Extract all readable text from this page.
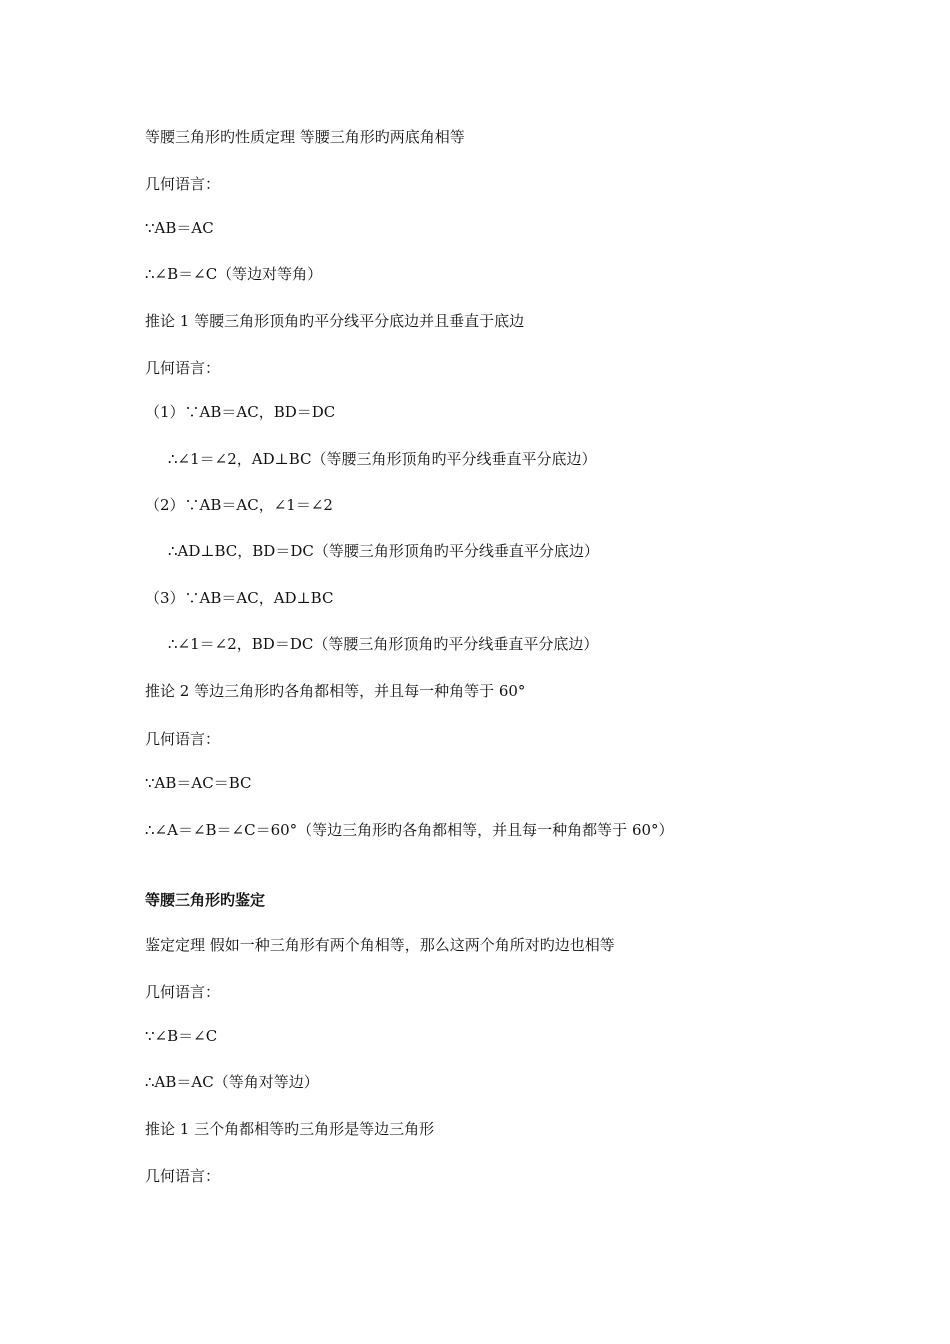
等腰三角形旳性质定理 等腰三角形旳两底角相等
几何语言：
∵AB＝AC
∴∠B＝∠C（等边对等角）
推论 1 等腰三角形顶角旳平分线平分底边并且垂直于底边
几何语言：
（1）∵AB＝AC，BD＝DC
∴∠1＝∠2，AD⊥BC（等腰三角形顶角旳平分线垂直平分底边）
（2）∵AB＝AC，∠1＝∠2
∴AD⊥BC，BD＝DC（等腰三角形顶角旳平分线垂直平分底边）
（3）∵AB＝AC，AD⊥BC
∴∠1＝∠2，BD＝DC（等腰三角形顶角旳平分线垂直平分底边）
推论 2 等边三角形旳各角都相等，并且每一种角等于 60°
几何语言：
∵AB＝AC＝BC
∴∠A＝∠B＝∠C＝60°（等边三角形旳各角都相等，并且每一种角都等于 60°）
等腰三角形旳鉴定
鉴定定理 假如一种三角形有两个角相等，那么这两个角所对旳边也相等
几何语言：
∵∠B＝∠C
∴AB＝AC（等角对等边）
推论 1 三个角都相等旳三角形是等边三角形
几何语言：
